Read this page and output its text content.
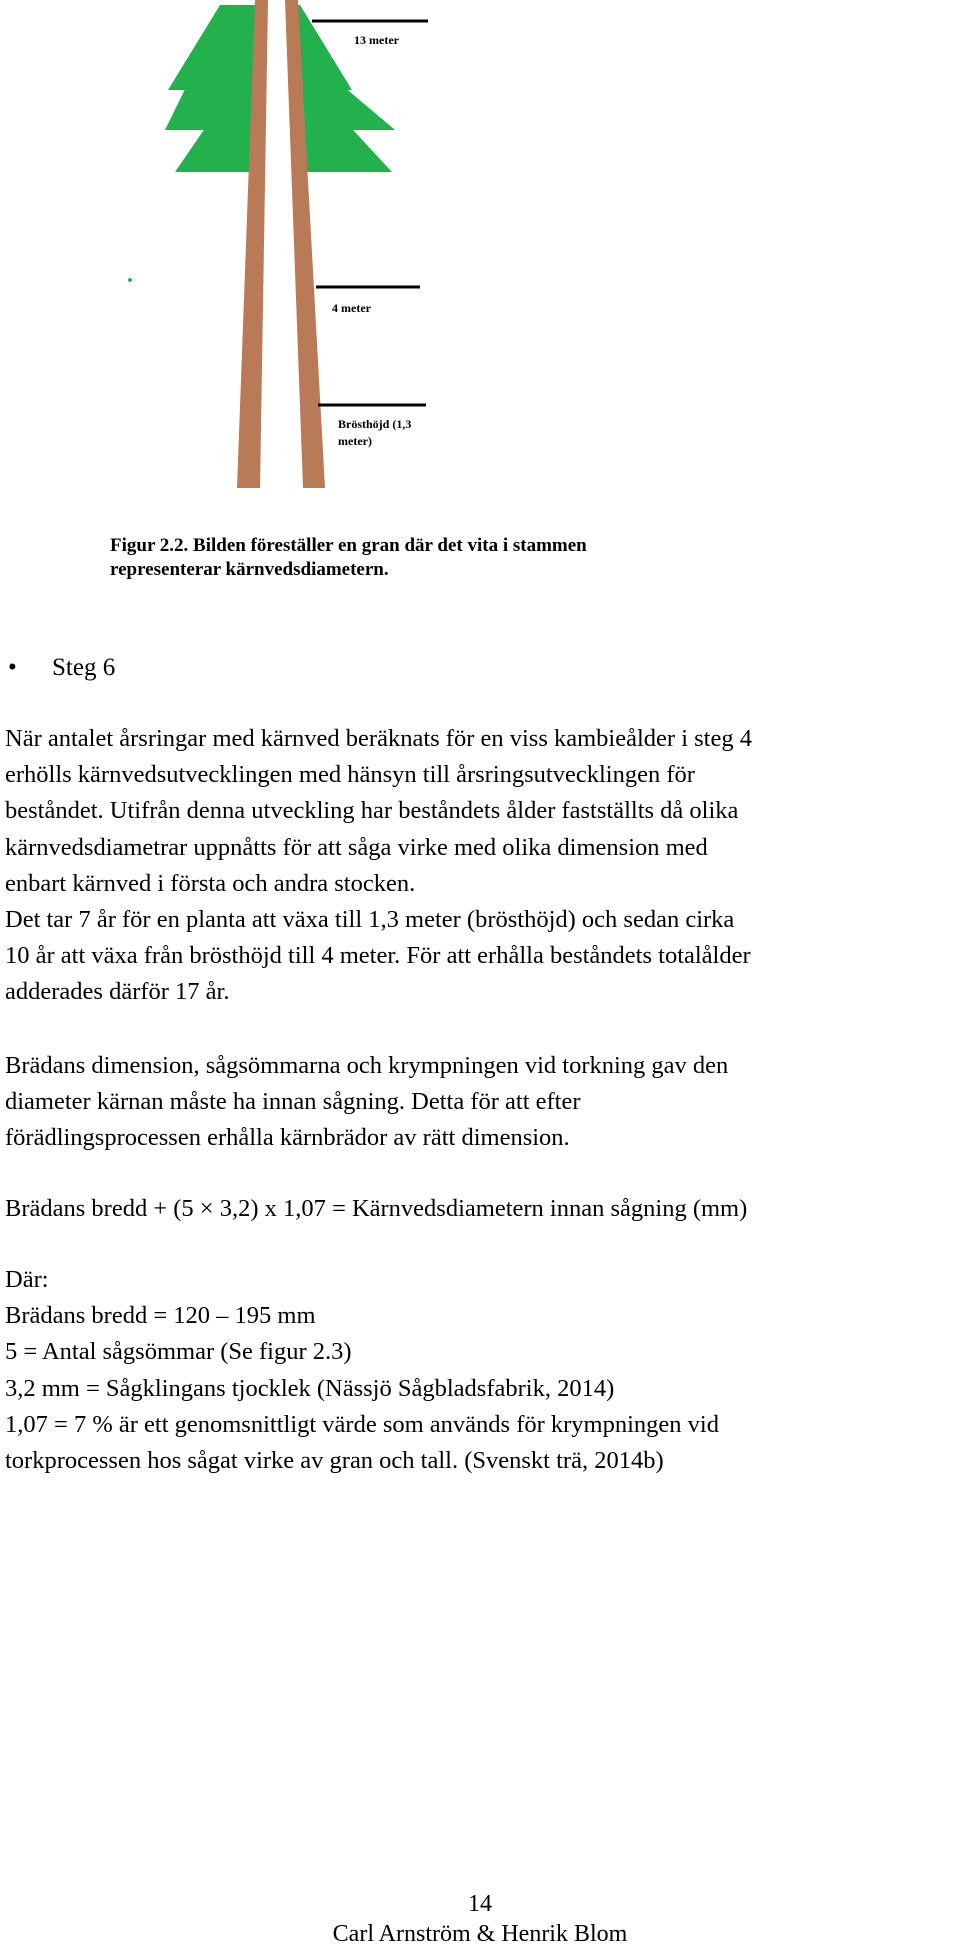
13 meter
4 meter
Brösthöjd (1,3
meter)
Figur 2.2. Bilden föreställer en gran där det vita i stammen
representerar kärnvedsdiametern.
• Steg 6
När antalet årsringar med kärnved beräknats för en viss kambieålder i steg 4
erhölls kärnvedsutvecklingen med hänsyn till årsringsutvecklingen för
beståndet. Utifrån denna utveckling har beståndets ålder fastställts då olika
kärnvedsdiametrar uppnåtts för att såga virke med olika dimension med
enbart kärnved i första och andra stocken.
Det tar 7 år för en planta att växa till 1,3 meter (brösthöjd) och sedan cirka
10 år att växa från brösthöjd till 4 meter. För att erhålla beståndets totalålder
adderades därför 17 år.
Brädans dimension, sågsömmarna och krympningen vid torkning gav den
diameter kärnan måste ha innan sågning. Detta för att efter
förädlingsprocessen erhålla kärnbrädor av rätt dimension.
Brädans bredd + (5 × 3,2) x 1,07 = Kärnvedsdiametern innan sågning (mm)
Där:
Brädans bredd = 120 – 195 mm
5 = Antal sågsömmar (Se figur 2.3)
3,2 mm = Sågklingans tjocklek (Nässjö Sågbladsfabrik, 2014)
1,07 = 7 % är ett genomsnittligt värde som används för krympningen vid
torkprocessen hos sågat virke av gran och tall. (Svenskt trä, 2014b)
14
Carl Arnström & Henrik Blom
